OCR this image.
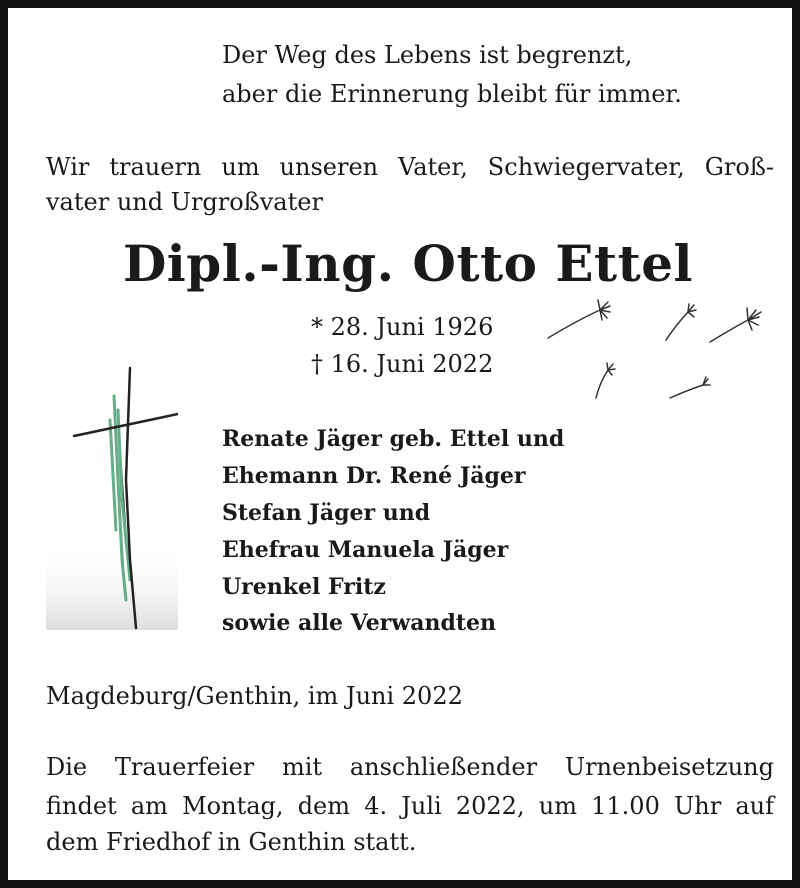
Der Weg des Lebens ist begrenzt,
aber die Erinnerung bleibt für immer.
Wir trauern um unseren Vater, Schwiegervater, Groß-
vater und Urgroßvater
Dipl.-Ing. Otto Ettel
* 28. Juni 1926
† 16. Juni 2022
Renate Jäger geb. Ettel und
Ehemann Dr. René Jäger
Stefan Jäger und
Ehefrau Manuela Jäger
Urenkel Fritz
sowie alle Verwandten
Magdeburg/Genthin, im Juni 2022
Die Trauerfeier mit anschließender Urnenbeisetzung
findet am Montag, dem 4. Juli 2022, um 11.00 Uhr auf
dem Friedhof in Genthin statt.
